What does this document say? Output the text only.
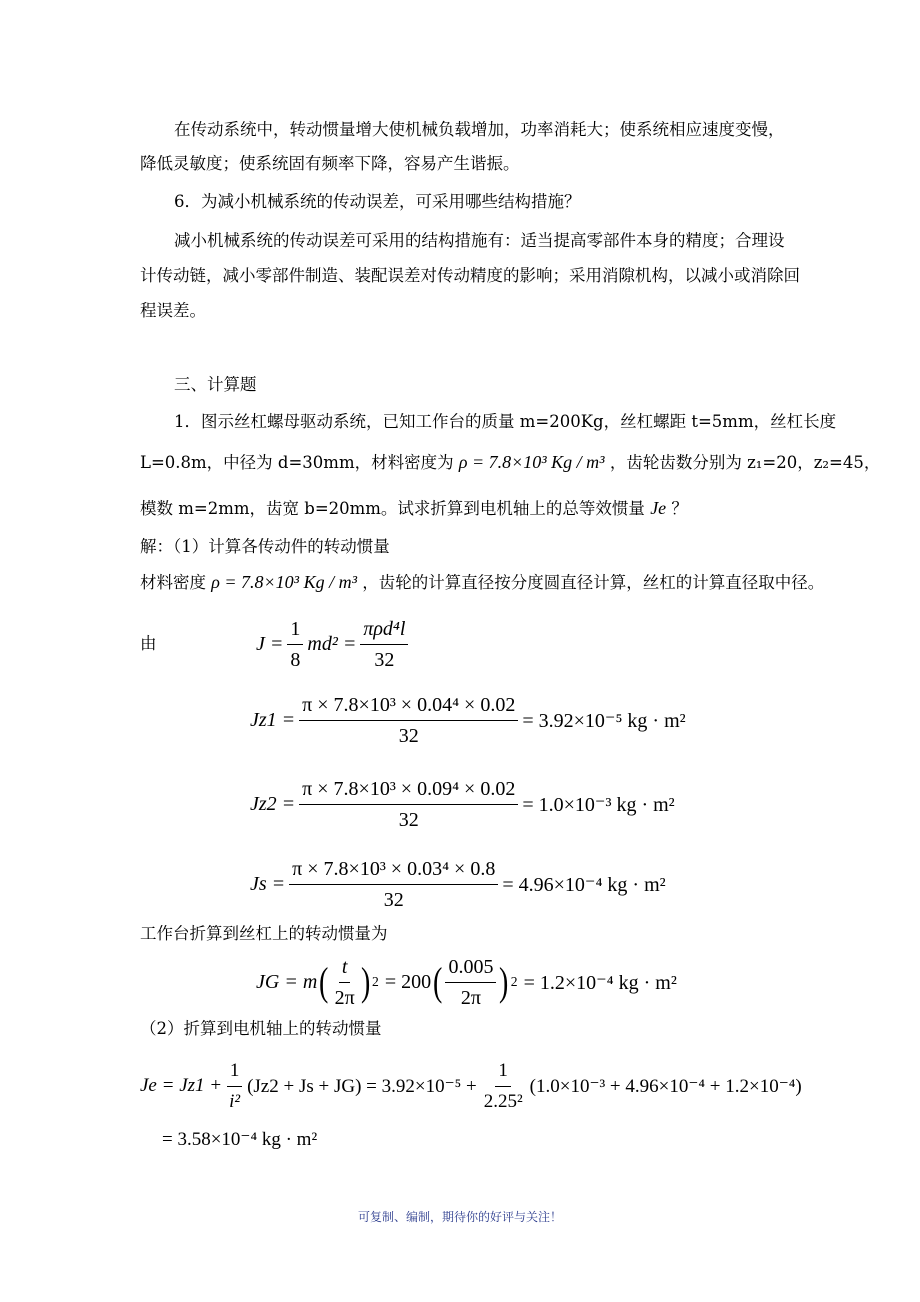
在传动系统中，转动惯量增大使机械负载增加，功率消耗大；使系统相应速度变慢，
降低灵敏度；使系统固有频率下降，容易产生谐振。
6．为减小机械系统的传动误差，可采用哪些结构措施？
减小机械系统的传动误差可采用的结构措施有：适当提高零部件本身的精度；合理设
计传动链，减小零部件制造、装配误差对传动精度的影响；采用消隙机构，以减小或消除回
程误差。
三、计算题
1．图示丝杠螺母驱动系统，已知工作台的质量 m=200Kg，丝杠螺距 t=5mm，丝杠长度
L=0.8m，中径为 d=30mm，材料密度为 ρ = 7.8×10³ Kg / m³ ，齿轮齿数分别为 z₁=20，z₂=45，
模数 m=2mm，齿宽 b=20mm。试求折算到电机轴上的总等效惯量 Je ？
解：（1）计算各传动件的转动惯量
材料密度 ρ = 7.8×10³ Kg / m³ ，齿轮的计算直径按分度圆直径计算，丝杠的计算直径取中径。
由	$J = \frac{1}{8} md^2 = \frac{\text{πρd⁴l}}{32}$
$Jz1 = \frac{\text{π × 7.8×10³ × 0.04⁴ × 0.02}}{32} = 3.92\times 10^{-5}$ kg · m²
$Jz2 = \frac{\text{π × 7.8×10³ × 0.09⁴ × 0.02}}{32} = 1.0\times 10^{-3}$ kg · m²
$Js = \frac{\text{π × 7.8×10³ × 0.03⁴ × 0.8}}{32} = 4.96\times 10^{-4}$ kg · m²
工作台折算到丝杠上的转动惯量为
JG = m ( $\frac{t}{2\pi}$ ) 2 = 200 ( $\frac{0.005}{2\pi}$ ) 2 = 1.2×10⁻⁴ kg · m²
（2）折算到电机轴上的转动惯量
$Je = Jz1 + \frac{1}{\text{i²}} (Jz2 + Js + JG) = 3.92\times 10^{-5} + \frac{1}{\text{2.25²}} (1.0\times 10^{-3} + 4.96\times 10^{-4} + 1.2\times 10^{-4})$
= 3.58×10⁻⁴ kg · m²
可复制、编制，期待你的好评与关注！
